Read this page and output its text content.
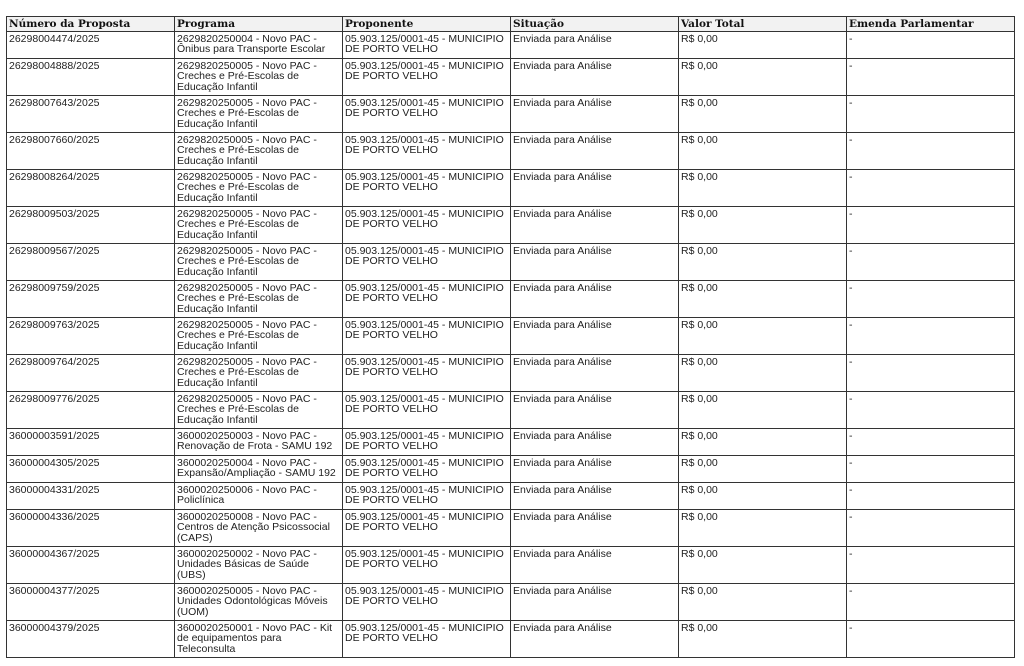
Número da Proposta	Programa	Proponente	Situação	Valor Total	Emenda Parlamentar
26298004474/2025	2629820250004 - Novo PAC - Ônibus para Transporte Escolar	05.903.125/0001-45 - MUNICIPIO DE PORTO VELHO	Enviada para Análise	R$ 0,00	-
26298004888/2025	2629820250005 - Novo PAC - Creches e Pré-Escolas de Educação Infantil	05.903.125/0001-45 - MUNICIPIO DE PORTO VELHO	Enviada para Análise	R$ 0,00	-
26298007643/2025	2629820250005 - Novo PAC - Creches e Pré-Escolas de Educação Infantil	05.903.125/0001-45 - MUNICIPIO DE PORTO VELHO	Enviada para Análise	R$ 0,00	-
26298007660/2025	2629820250005 - Novo PAC - Creches e Pré-Escolas de Educação Infantil	05.903.125/0001-45 - MUNICIPIO DE PORTO VELHO	Enviada para Análise	R$ 0,00	-
26298008264/2025	2629820250005 - Novo PAC - Creches e Pré-Escolas de Educação Infantil	05.903.125/0001-45 - MUNICIPIO DE PORTO VELHO	Enviada para Análise	R$ 0,00	-
26298009503/2025	2629820250005 - Novo PAC - Creches e Pré-Escolas de Educação Infantil	05.903.125/0001-45 - MUNICIPIO DE PORTO VELHO	Enviada para Análise	R$ 0,00	-
26298009567/2025	2629820250005 - Novo PAC - Creches e Pré-Escolas de Educação Infantil	05.903.125/0001-45 - MUNICIPIO DE PORTO VELHO	Enviada para Análise	R$ 0,00	-
26298009759/2025	2629820250005 - Novo PAC - Creches e Pré-Escolas de Educação Infantil	05.903.125/0001-45 - MUNICIPIO DE PORTO VELHO	Enviada para Análise	R$ 0,00	-
26298009763/2025	2629820250005 - Novo PAC - Creches e Pré-Escolas de Educação Infantil	05.903.125/0001-45 - MUNICIPIO DE PORTO VELHO	Enviada para Análise	R$ 0,00	-
26298009764/2025	2629820250005 - Novo PAC - Creches e Pré-Escolas de Educação Infantil	05.903.125/0001-45 - MUNICIPIO DE PORTO VELHO	Enviada para Análise	R$ 0,00	-
26298009776/2025	2629820250005 - Novo PAC - Creches e Pré-Escolas de Educação Infantil	05.903.125/0001-45 - MUNICIPIO DE PORTO VELHO	Enviada para Análise	R$ 0,00	-
36000003591/2025	3600020250003 - Novo PAC - Renovação de Frota - SAMU 192	05.903.125/0001-45 - MUNICIPIO DE PORTO VELHO	Enviada para Análise	R$ 0,00	-
36000004305/2025	3600020250004 - Novo PAC - Expansão/Ampliação - SAMU 192	05.903.125/0001-45 - MUNICIPIO DE PORTO VELHO	Enviada para Análise	R$ 0,00	-
36000004331/2025	3600020250006 - Novo PAC - Policlínica	05.903.125/0001-45 - MUNICIPIO DE PORTO VELHO	Enviada para Análise	R$ 0,00	-
36000004336/2025	3600020250008 - Novo PAC - Centros de Atenção Psicossocial (CAPS)	05.903.125/0001-45 - MUNICIPIO DE PORTO VELHO	Enviada para Análise	R$ 0,00	-
36000004367/2025	3600020250002 - Novo PAC - Unidades Básicas de Saúde (UBS)	05.903.125/0001-45 - MUNICIPIO DE PORTO VELHO	Enviada para Análise	R$ 0,00	-
36000004377/2025	3600020250005 - Novo PAC - Unidades Odontológicas Móveis (UOM)	05.903.125/0001-45 - MUNICIPIO DE PORTO VELHO	Enviada para Análise	R$ 0,00	-
36000004379/2025	3600020250001 - Novo PAC - Kit de equipamentos para Teleconsulta	05.903.125/0001-45 - MUNICIPIO DE PORTO VELHO	Enviada para Análise	R$ 0,00	-
